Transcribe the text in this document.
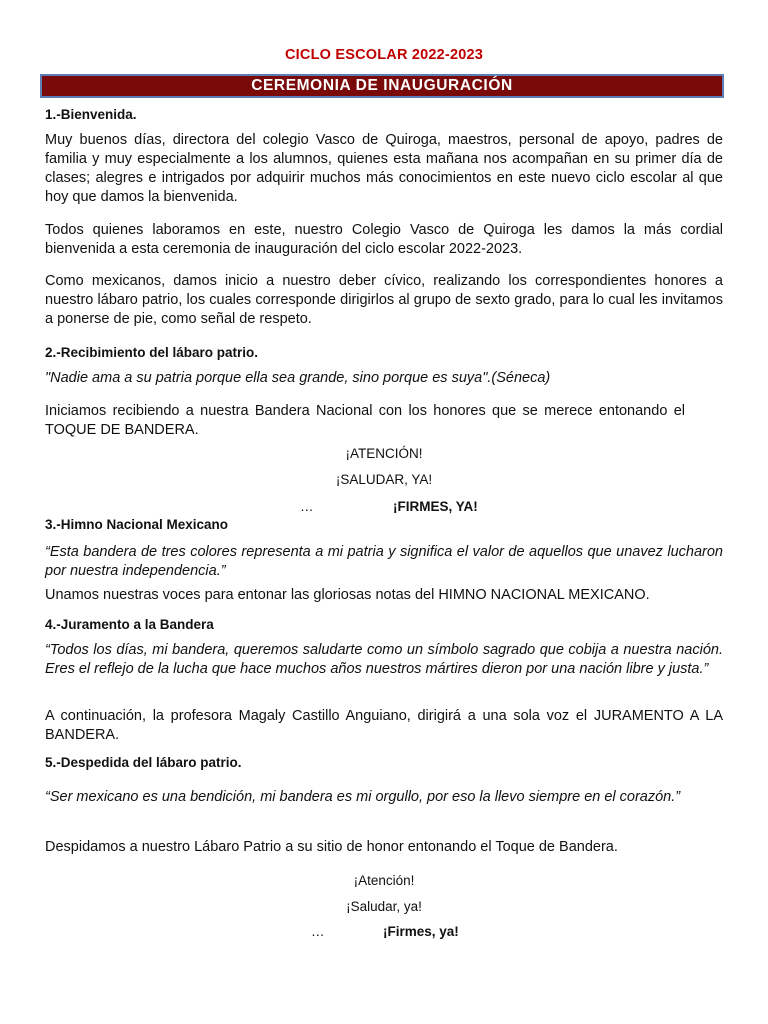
CICLO ESCOLAR 2022-2023
CEREMONIA DE INAUGURACIÓN

1.-Bienvenida.

Muy buenos días, directora del colegio Vasco de Quiroga, maestros, personal de apoyo, padres de familia y muy especialmente a los alumnos, quienes esta mañana nos acompañan en su primer día de clases; alegres e intrigados por adquirir muchos más conocimientos en este nuevo ciclo escolar al que hoy que damos la bienvenida.

Todos quienes laboramos en este, nuestro Colegio Vasco de Quiroga les damos la más cordial bienvenida a esta ceremonia de inauguración del ciclo escolar 2022-2023.

Como mexicanos, damos inicio a nuestro deber cívico, realizando los correspondientes honores a nuestro lábaro patrio, los cuales corresponde dirigirlos al grupo de sexto grado, para lo cual les invitamos a ponerse de pie, como señal de respeto.

2.-Recibimiento del lábaro patrio.

"Nadie ama a su patria porque ella sea grande, sino porque es suya".(Séneca)

Iniciamos recibiendo a nuestra Bandera Nacional con los honores que se merece entonando el TOQUE DE BANDERA.

¡ATENCIÓN!

¡SALUDAR, YA!

…	¡FIRMES, YA!

3.-Himno Nacional Mexicano

“Esta bandera de tres colores representa a mi patria y significa el valor de aquellos que unavez lucharon por nuestra independencia.”

Unamos nuestras voces para entonar las gloriosas notas del HIMNO NACIONAL MEXICANO.

4.-Juramento a la Bandera

“Todos los días, mi bandera, queremos saludarte como un símbolo sagrado que cobija a nuestra nación. Eres el reflejo de la lucha que hace muchos años nuestros mártires dieron por una nación libre y justa.”

A continuación, la profesora Magaly Castillo Anguiano, dirigirá a una sola voz el JURAMENTO A LA BANDERA.

5.-Despedida del lábaro patrio.

“Ser mexicano es una bendición, mi bandera es mi orgullo, por eso la llevo siempre en el corazón.”

Despidamos a nuestro Lábaro Patrio a su sitio de honor entonando el Toque de Bandera.

¡Atención!

¡Saludar, ya!

…	¡Firmes, ya!
